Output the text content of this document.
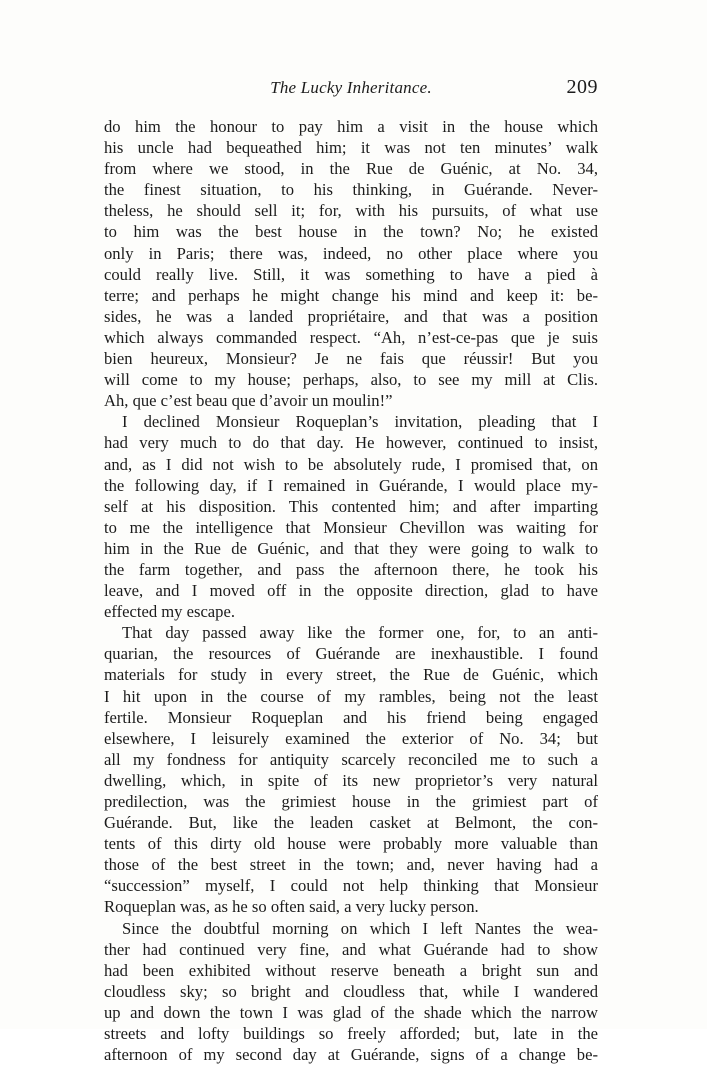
The Lucky Inheritance.	209
do him the honour to pay him a visit in the house which
his uncle had bequeathed him; it was not ten minutes’ walk
from where we stood, in the Rue de Guénic, at No. 34,
the finest situation, to his thinking, in Guérande. Never-
theless, he should sell it; for, with his pursuits, of what use
to him was the best house in the town? No; he existed
only in Paris; there was, indeed, no other place where you
could really live. Still, it was something to have a pied à
terre; and perhaps he might change his mind and keep it: be-
sides, he was a landed propriétaire, and that was a position
which always commanded respect. “Ah, n’est-ce-pas que je suis
bien heureux, Monsieur? Je ne fais que réussir! But you
will come to my house; perhaps, also, to see my mill at Clis.
Ah, que c’est beau que d’avoir un moulin!”
I declined Monsieur Roqueplan’s invitation, pleading that I
had very much to do that day. He however, continued to insist,
and, as I did not wish to be absolutely rude, I promised that, on
the following day, if I remained in Guérande, I would place my-
self at his disposition. This contented him; and after imparting
to me the intelligence that Monsieur Chevillon was waiting for
him in the Rue de Guénic, and that they were going to walk to
the farm together, and pass the afternoon there, he took his
leave, and I moved off in the opposite direction, glad to have
effected my escape.
That day passed away like the former one, for, to an anti-
quarian, the resources of Guérande are inexhaustible. I found
materials for study in every street, the Rue de Guénic, which
I hit upon in the course of my rambles, being not the least
fertile. Monsieur Roqueplan and his friend being engaged
elsewhere, I leisurely examined the exterior of No. 34; but
all my fondness for antiquity scarcely reconciled me to such a
dwelling, which, in spite of its new proprietor’s very natural
predilection, was the grimiest house in the grimiest part of
Guérande. But, like the leaden casket at Belmont, the con-
tents of this dirty old house were probably more valuable than
those of the best street in the town; and, never having had a
“succession” myself, I could not help thinking that Monsieur
Roqueplan was, as he so often said, a very lucky person.
Since the doubtful morning on which I left Nantes the wea-
ther had continued very fine, and what Guérande had to show
had been exhibited without reserve beneath a bright sun and
cloudless sky; so bright and cloudless that, while I wandered
up and down the town I was glad of the shade which the narrow
streets and lofty buildings so freely afforded; but, late in the
afternoon of my second day at Guérande, signs of a change be-
